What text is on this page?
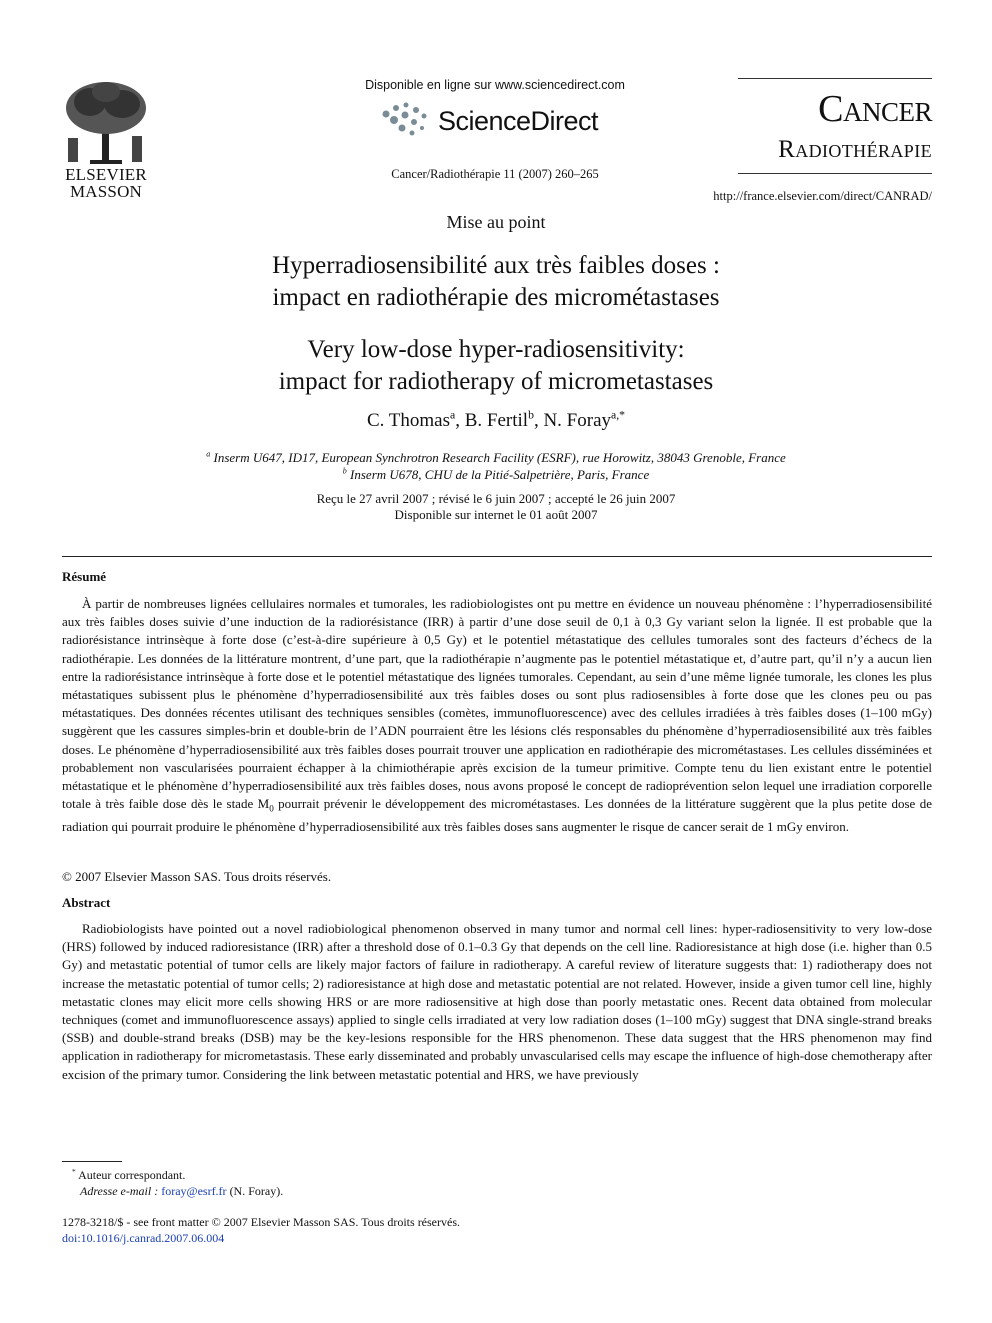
ELSEVIER
MASSON
Disponible en ligne sur www.sciencedirect.com
ScienceDirect
Cancer/Radiothérapie 11 (2007) 260–265
Cancer
Radiothérapie
http://france.elsevier.com/direct/CANRAD/
Mise au point
Hyperradiosensibilité aux très faibles doses :
impact en radiothérapie des micrométastases
Very low-dose hyper-radiosensitivity:
impact for radiotherapy of micrometastases
C. Thomas$^a$, B. Fertil$^b$, N. Foray$^{a,*}$
$^a$ Inserm U647, ID17, European Synchrotron Research Facility (ESRF), rue Horowitz, 38043 Grenoble, France
$^b$ Inserm U678, CHU de la Pitié-Salpetrière, Paris, France
Reçu le 27 avril 2007 ; révisé le 6 juin 2007 ; accepté le 26 juin 2007
Disponible sur internet le 01 août 2007
Résumé

À partir de nombreuses lignées cellulaires normales et tumorales, les radiobiologistes ont pu mettre en évidence un nouveau phénomène : l’hyperradiosensibilité aux très faibles doses suivie d’une induction de la radiorésistance (IRR) à partir d’une dose seuil de 0,1 à 0,3 Gy variant selon la lignée. Il est probable que la radiorésistance intrinsèque à forte dose (c’est-à-dire supérieure à 0,5 Gy) et le potentiel métastatique des cellules tumorales sont des facteurs d’échecs de la radiothérapie. Les données de la littérature montrent, d’une part, que la radiothérapie n’augmente pas le potentiel métastatique et, d’autre part, qu’il n’y a aucun lien entre la radiorésistance intrinsèque à forte dose et le potentiel métastatique des lignées tumorales. Cependant, au sein d’une même lignée tumorale, les clones les plus métastatiques subissent plus le phénomène d’hyperradiosensibilité aux très faibles doses ou sont plus radiosensibles à forte dose que les clones peu ou pas métastatiques. Des données récentes utilisant des techniques sensibles (comètes, immunofluorescence) avec des cellules irradiées à très faibles doses (1–100 mGy) suggèrent que les cassures simples-brin et double-brin de l’ADN pourraient être les lésions clés responsables du phénomène d’hyperradiosensibilité aux très faibles doses. Le phénomène d’hyperradiosensibilité aux très faibles doses pourrait trouver une application en radiothérapie des micrométastases. Les cellules disséminées et probablement non vascularisées pourraient échapper à la chimiothérapie après excision de la tumeur primitive. Compte tenu du lien existant entre le potentiel métastatique et le phénomène d’hyperradiosensibilité aux très faibles doses, nous avons proposé le concept de radioprévention selon lequel une irradiation corporelle totale à très faible dose dès le stade $M_0$ pourrait prévenir le développement des micrométastases. Les données de la littérature suggèrent que la plus petite dose de radiation qui pourrait produire le phénomène d’hyperradiosensibilité aux très faibles doses sans augmenter le risque de cancer serait de 1 mGy environ.

© 2007 Elsevier Masson SAS. Tous droits réservés.
Abstract

Radiobiologists have pointed out a novel radiobiological phenomenon observed in many tumor and normal cell lines: hyper-radiosensitivity to very low-dose (HRS) followed by induced radioresistance (IRR) after a threshold dose of 0.1–0.3 Gy that depends on the cell line. Radioresistance at high dose (i.e. higher than 0.5 Gy) and metastatic potential of tumor cells are likely major factors of failure in radiotherapy. A careful review of literature suggests that: 1) radiotherapy does not increase the metastatic potential of tumor cells; 2) radioresistance at high dose and metastatic potential are not related. However, inside a given tumor cell line, highly metastatic clones may elicit more cells showing HRS or are more radiosensitive at high dose than poorly metastatic ones. Recent data obtained from molecular techniques (comet and immunofluorescence assays) applied to single cells irradiated at very low radiation doses (1–100 mGy) suggest that DNA single-strand breaks (SSB) and double-strand breaks (DSB) may be the key-lesions responsible for the HRS phenomenon. These data suggest that the HRS phenomenon may find application in radiotherapy for micrometastasis. These early disseminated and probably unvascularised cells may escape the influence of high-dose chemotherapy after excision of the primary tumor. Considering the link between metastatic potential and HRS, we have previously

* Auteur correspondant.
Adresse e-mail : foray@esrf.fr (N. Foray).
1278-3218/$ - see front matter © 2007 Elsevier Masson SAS. Tous droits réservés.
doi:10.1016/j.canrad.2007.06.004
